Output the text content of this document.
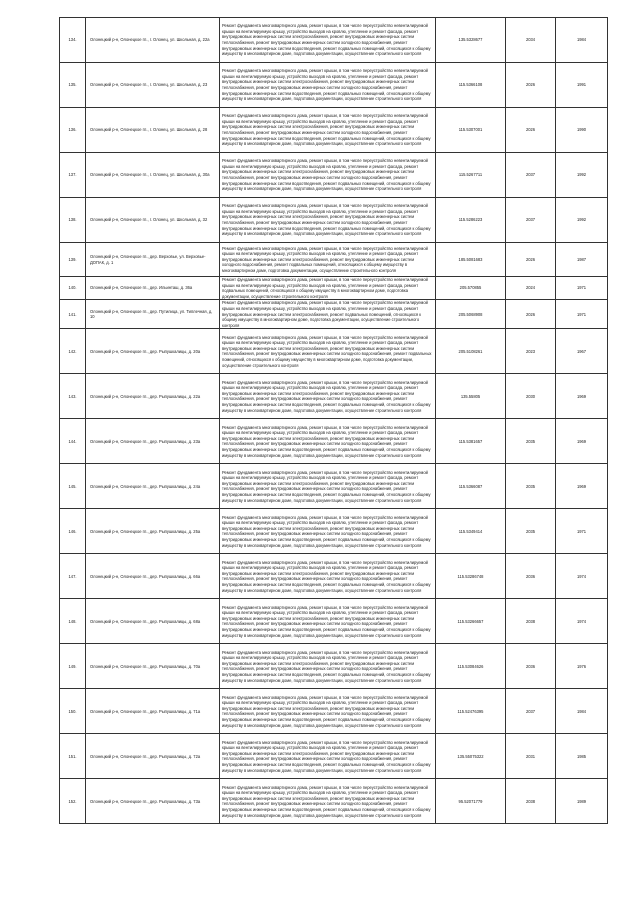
134.	Олонецкий р-н, Олонецкое гп., г. Олонец, ул. Школьная, д. 22а	Ремонт фундамента многоквартирного дома, ремонт крыши, в том числе переустройство невентилируемой крыши на вентилируемую крышу, устройство выходов на кровлю, утепление и ремонт фасада, ремонт внутридомовых инженерных систем электроснабжения, ремонт внутридомовых инженерных систем теплоснабжения, ремонт внутридомовых инженерных систем холодного водоснабжения, ремонт внутридомовых инженерных систем водоотведения, ремонт подвальных помещений, относящихся к общему имуществу в многоквартирном доме, подготовка документации, осуществление строительного контроля	135.5328677	2034	1984
135.	Олонецкий р-н, Олонецкое гп., г. Олонец, ул. Школьная, д. 23	Ремонт фундамента многоквартирного дома, ремонт крыши, в том числе переустройство невентилируемой крыши на вентилируемую крышу, устройство выходов на кровлю, утепление и ремонт фасада, ремонт внутридомовых инженерных систем электроснабжения, ремонт внутридомовых инженерных систем теплоснабжения, ремонт внутридомовых инженерных систем холодного водоснабжения, ремонт внутридомовых инженерных систем водоотведения, ремонт подвальных помещений, относящихся к общему имуществу в многоквартирном доме, подготовка документации, осуществление строительного контроля	115.5366108	2026	1991
136.	Олонецкий р-н, Олонецкое гп., г. Олонец, ул. Школьная, д. 28	Ремонт фундамента многоквартирного дома, ремонт крыши, в том числе переустройство невентилируемой крыши на вентилируемую крышу, устройство выходов на кровлю, утепление и ремонт фасада, ремонт внутридомовых инженерных систем электроснабжения, ремонт внутридомовых инженерных систем теплоснабжения, ремонт внутридомовых инженерных систем холодного водоснабжения, ремонт внутридомовых инженерных систем водоотведения, ремонт подвальных помещений, относящихся к общему имуществу в многоквартирном доме, подготовка документации, осуществление строительного контроля	115.5307001	2026	1990
137.	Олонецкий р-н, Олонецкое гп., г. Олонец, ул. Школьная, д. 30а	Ремонт фундамента многоквартирного дома, ремонт крыши, в том числе переустройство невентилируемой крыши на вентилируемую крышу, устройство выходов на кровлю, утепление и ремонт фасада, ремонт внутридомовых инженерных систем электроснабжения, ремонт внутридомовых инженерных систем теплоснабжения, ремонт внутридомовых инженерных систем холодного водоснабжения, ремонт внутридомовых инженерных систем водоотведения, ремонт подвальных помещений, относящихся к общему имуществу в многоквартирном доме, подготовка документации, осуществление строительного контроля	115.5267711	2037	1992
138.	Олонецкий р-н, Олонецкое гп., г. Олонец, ул. Школьная, д. 32	Ремонт фундамента многоквартирного дома, ремонт крыши, в том числе переустройство невентилируемой крыши на вентилируемую крышу, устройство выходов на кровлю, утепление и ремонт фасада, ремонт внутридомовых инженерных систем электроснабжения, ремонт внутридомовых инженерных систем теплоснабжения, ремонт внутридомовых инженерных систем холодного водоснабжения, ремонт внутридомовых инженерных систем водоотведения, ремонт подвальных помещений, относящихся к общему имуществу в многоквартирном доме, подготовка документации, осуществление строительного контроля	115.5286223	2037	1992
139.	Олонецкий р-н, Олонецкое гп., дер. Верховье, ул. Верховье-ДОПАК, д. 1	Ремонт фундамента многоквартирного дома, ремонт крыши, в том числе переустройство невентилируемой крыши на вентилируемую крышу, устройство выходов на кровлю, утепление и ремонт фасада, ремонт внутридомовых инженерных систем электроснабжения, ремонт внутридомовых инженерных систем холодного водоснабжения, ремонт подвальных помещений, относящихся к общему имуществу в многоквартирном доме, подготовка документации, осуществление строительного контроля	185.5081683	2026	1987
140.	Олонецкий р-н, Олонецкое гп., дер. Ильинташ, д. 36а	Ремонт фундамента многоквартирного дома, ремонт крыши, в том числе переустройство невентилируемой крыши на вентилируемую крышу, устройство выходов на кровлю, утепление и ремонт фасада, ремонт подвальных помещений, относящихся к общему имуществу в многоквартирном доме, подготовка документации, осуществление строительного контроля	205.570855	2024	1971
141.	Олонецкий р-н, Олонецкое гп., дер. Путилица, ул. Типлечная, д. 10	Ремонт фундамента многоквартирного дома, ремонт крыши, в том числе переустройство невентилируемой крыши на вентилируемую крышу, устройство выходов на кровлю, утепление и ремонт фасада, ремонт внутридомовых инженерных систем электроснабжения, ремонт подвальных помещений, относящихся к общему имуществу в многоквартирном доме, подготовка документации, осуществление строительного контроля	205.5068908	2026	1971
142.	Олонецкий р-н, Олонецкое гп., дер. Рыпушкалицы, д. 20а	Ремонт фундамента многоквартирного дома, ремонт крыши, в том числе переустройство невентилируемой крыши на вентилируемую крышу, устройство выходов на кровлю, утепление и ремонт фасада, ремонт внутридомовых инженерных систем электроснабжения, ремонт внутридомовых инженерных систем теплоснабжения, ремонт внутридомовых инженерных систем холодного водоснабжения, ремонт подвальных помещений, относящихся к общему имуществу в многоквартирном доме, подготовка документации, осуществление строительного контроля	205.5108261	2023	1967
143.	Олонецкий р-н, Олонецкое гп., дер. Рыпушкалицы, д. 22а	Ремонт фундамента многоквартирного дома, ремонт крыши, в том числе переустройство невентилируемой крыши на вентилируемую крышу, устройство выходов на кровлю, утепление и ремонт фасада, ремонт внутридомовых инженерных систем электроснабжения, ремонт внутридомовых инженерных систем теплоснабжения, ремонт внутридомовых инженерных систем холодного водоснабжения, ремонт внутридомовых инженерных систем водоотведения, ремонт подвальных помещений, относящихся к общему имуществу в многоквартирном доме, подготовка документации, осуществление строительного контроля	135.55805	2030	1969
144.	Олонецкий р-н, Олонецкое гп., дер. Рыпушкалицы, д. 23а	Ремонт фундамента многоквартирного дома, ремонт крыши, в том числе переустройство невентилируемой крыши на вентилируемую крышу, устройство выходов на кровлю, утепление и ремонт фасада, ремонт внутридомовых инженерных систем электроснабжения, ремонт внутридомовых инженерных систем теплоснабжения, ремонт внутридомовых инженерных систем холодного водоснабжения, ремонт внутридомовых инженерных систем водоотведения, ремонт подвальных помещений, относящихся к общему имуществу в многоквартирном доме, подготовка документации, осуществление строительного контроля	115.5381657	2035	1969
145.	Олонецкий р-н, Олонецкое гп., дер. Рыпушкалицы, д. 24а	Ремонт фундамента многоквартирного дома, ремонт крыши, в том числе переустройство невентилируемой крыши на вентилируемую крышу, устройство выходов на кровлю, утепление и ремонт фасада, ремонт внутридомовых инженерных систем электроснабжения, ремонт внутридомовых инженерных систем теплоснабжения, ремонт внутридомовых инженерных систем холодного водоснабжения, ремонт внутридомовых инженерных систем водоотведения, ремонт подвальных помещений, относящихся к общему имуществу в многоквартирном доме, подготовка документации, осуществление строительного контроля	115.5366087	2035	1969
146.	Олонецкий р-н, Олонецкое гп., дер. Рыпушкалицы, д. 25а	Ремонт фундамента многоквартирного дома, ремонт крыши, в том числе переустройство невентилируемой крыши на вентилируемую крышу, устройство выходов на кровлю, утепление и ремонт фасада, ремонт внутридомовых инженерных систем электроснабжения, ремонт внутридомовых инженерных систем теплоснабжения, ремонт внутридомовых инженерных систем холодного водоснабжения, ремонт внутридомовых инженерных систем водоотведения, ремонт подвальных помещений, относящихся к общему имуществу в многоквартирном доме, подготовка документации, осуществление строительного контроля	115.5349414	2035	1971
147.	Олонецкий р-н, Олонецкое гп., дер. Рыпушкалицы, д. 66а	Ремонт фундамента многоквартирного дома, ремонт крыши, в том числе переустройство невентилируемой крыши на вентилируемую крышу, устройство выходов на кровлю, утепление и ремонт фасада, ремонт внутридомовых инженерных систем электроснабжения, ремонт внутридомовых инженерных систем теплоснабжения, ремонт внутридомовых инженерных систем холодного водоснабжения, ремонт внутридомовых инженерных систем водоотведения, ремонт подвальных помещений, относящихся к общему имуществу в многоквартирном доме, подготовка документации, осуществление строительного контроля	115.53286748	2036	1974
148.	Олонецкий р-н, Олонецкое гп., дер. Рыпушкалицы, д. 68а	Ремонт фундамента многоквартирного дома, ремонт крыши, в том числе переустройство невентилируемой крыши на вентилируемую крышу, устройство выходов на кровлю, утепление и ремонт фасада, ремонт внутридомовых инженерных систем электроснабжения, ремонт внутридомовых инженерных систем теплоснабжения, ремонт внутридомовых инженерных систем холодного водоснабжения, ремонт внутридомовых инженерных систем водоотведения, ремонт подвальных помещений, относящихся к общему имуществу в многоквартирном доме, подготовка документации, осуществление строительного контроля	115.53266657	2038	1974
149.	Олонецкий р-н, Олонецкое гп., дер. Рыпушкалицы, д. 70а	Ремонт фундамента многоквартирного дома, ремонт крыши, в том числе переустройство невентилируемой крыши на вентилируемую крышу, устройство выходов на кровлю, утепление и ремонт фасада, ремонт внутридомовых инженерных систем электроснабжения, ремонт внутридомовых инженерных систем теплоснабжения, ремонт внутридомовых инженерных систем холодного водоснабжения, ремонт внутридомовых инженерных систем водоотведения, ремонт подвальных помещений, относящихся к общему имуществу в многоквартирном доме, подготовка документации, осуществление строительного контроля	115.53084626	2036	1976
150.	Олонецкий р-н, Олонецкое гп., дер. Рыпушкалицы, д. 71а	Ремонт фундамента многоквартирного дома, ремонт крыши, в том числе переустройство невентилируемой крыши на вентилируемую крышу, устройство выходов на кровлю, утепление и ремонт фасада, ремонт внутридомовых инженерных систем электроснабжения, ремонт внутридомовых инженерных систем теплоснабжения, ремонт внутридомовых инженерных систем холодного водоснабжения, ремонт внутридомовых инженерных систем водоотведения, ремонт подвальных помещений, относящихся к общему имуществу в многоквартирном доме, подготовка документации, осуществление строительного контроля	115.52476395	2037	1984
151.	Олонецкий р-н, Олонецкое гп., дер. Рыпушкалицы, д. 72а	Ремонт фундамента многоквартирного дома, ремонт крыши, в том числе переустройство невентилируемой крыши на вентилируемую крышу, устройство выходов на кровлю, утепление и ремонт фасада, ремонт внутридомовых инженерных систем электроснабжения, ремонт внутридомовых инженерных систем теплоснабжения, ремонт внутридомовых инженерных систем холодного водоснабжения, ремонт внутридомовых инженерных систем водоотведения, ремонт подвальных помещений, относящихся к общему имуществу в многоквартирном доме, подготовка документации, осуществление строительного контроля	135.55075322	2031	1985
152.	Олонецкий р-н, Олонецкое гп., дер. Рыпушкалицы, д. 73а	Ремонт фундамента многоквартирного дома, ремонт крыши, в том числе переустройство невентилируемой крыши на вентилируемую крышу, устройство выходов на кровлю, утепление и ремонт фасада, ремонт внутридомовых инженерных систем электроснабжения, ремонт внутридомовых инженерных систем теплоснабжения, ремонт внутридомовых инженерных систем холодного водоснабжения, ремонт внутридомовых инженерных систем водоотведения, ремонт подвальных помещений, относящихся к общему имуществу в многоквартирном доме, подготовка документации, осуществление строительного контроля	95.52071779	2038	1989
